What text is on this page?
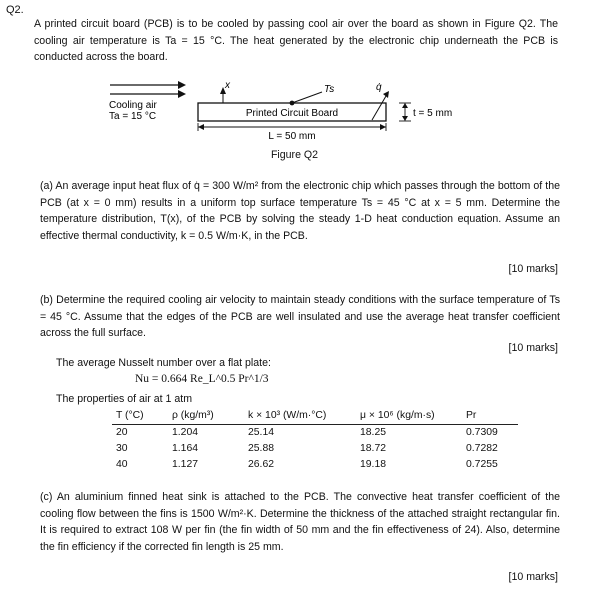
Q2.
A printed circuit board (PCB) is to be cooled by passing cool air over the board as shown in Figure Q2. The cooling air temperature is Ta = 15 °C. The heat generated by the electronic chip underneath the PCB is conducted across the board.
Cooling air
Ta = 15 °C
x
Printed Circuit Board
Ts	q̇
t = 5 mm
L = 50 mm
Figure Q2
(a) An average input heat flux of q̇ = 300 W/m² from the electronic chip which passes through the bottom of the PCB (at x = 0 mm) results in a uniform top surface temperature Ts = 45 °C at x = 5 mm. Determine the temperature distribution, T(x), of the PCB by solving the steady 1-D heat conduction equation. Assume an effective thermal conductivity, k = 0.5 W/m·K, in the PCB.
[10 marks]
(b) Determine the required cooling air velocity to maintain steady conditions with the surface temperature of Ts = 45 °C. Assume that the edges of the PCB are well insulated and use the average heat transfer coefficient across the full surface.
[10 marks]
The average Nusselt number over a flat plate:
Nu = 0.664 Re_L^0.5 Pr^1/3
The properties of air at 1 atm
T (°C)	ρ (kg/m³)	k × 10³ (W/m·°C)	μ × 10⁶ (kg/m·s)	Pr
20	1.204	25.14	18.25	0.7309
30	1.164	25.88	18.72	0.7282
40	1.127	26.62	19.18	0.7255
(c) An aluminium finned heat sink is attached to the PCB. The convective heat transfer coefficient of the cooling flow between the fins is 1500 W/m²·K. Determine the thickness of the attached straight rectangular fin. It is required to extract 108 W per fin (the fin width of 50 mm and the fin effectiveness of 24). Also, determine the fin efficiency if the corrected fin length is 25 mm.
[10 marks]
